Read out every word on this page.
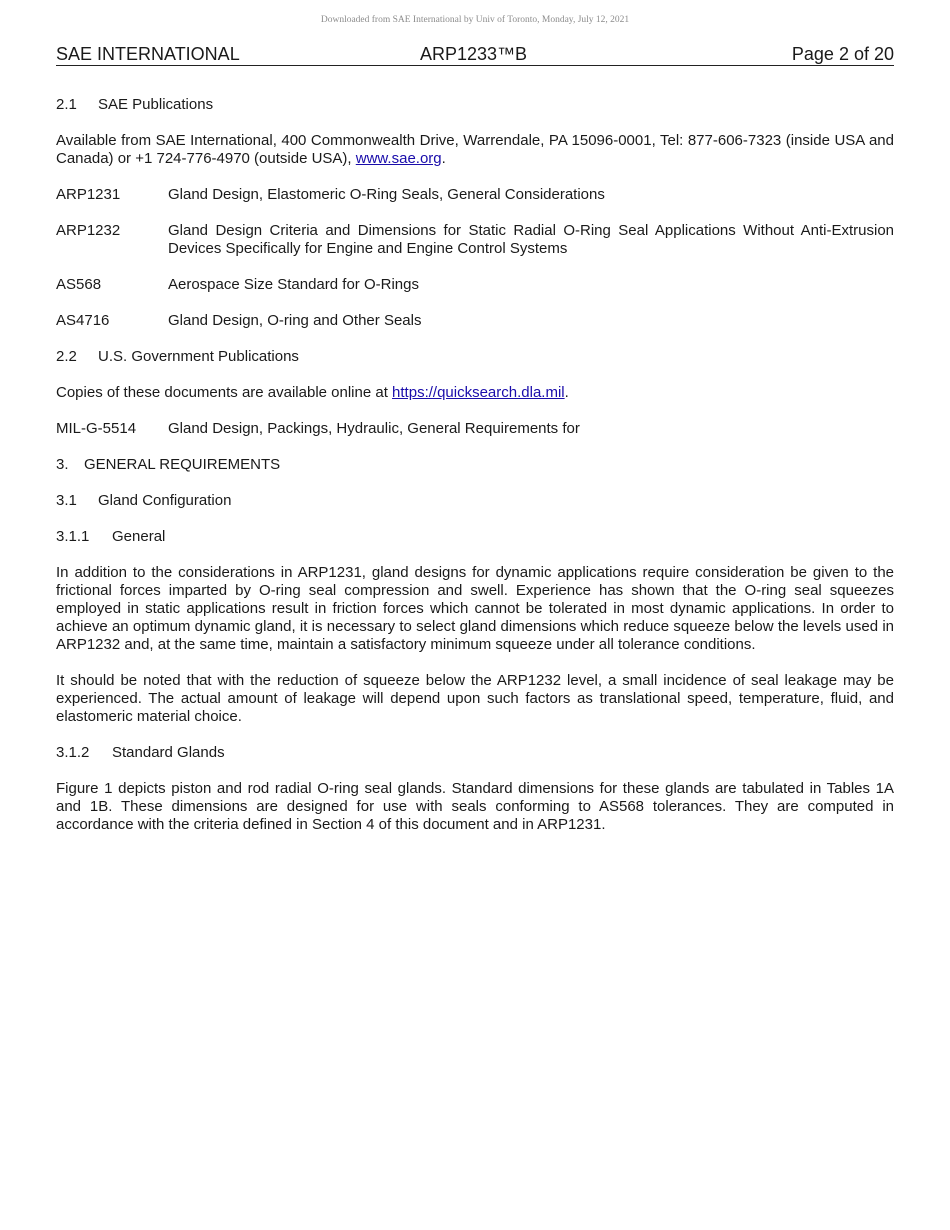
Downloaded from SAE International by Univ of Toronto, Monday, July 12, 2021
SAE INTERNATIONAL	ARP1233™B	Page 2 of 20
2.1	SAE Publications

Available from SAE International, 400 Commonwealth Drive, Warrendale, PA 15096-0001, Tel: 877-606-7323 (inside USA and Canada) or +1 724-776-4970 (outside USA), www.sae.org.

ARP1231	Gland Design, Elastomeric O-Ring Seals, General Considerations
ARP1232	Gland Design Criteria and Dimensions for Static Radial O-Ring Seal Applications Without Anti-Extrusion Devices Specifically for Engine and Engine Control Systems
AS568	Aerospace Size Standard for O-Rings
AS4716	Gland Design, O-ring and Other Seals
2.2	U.S. Government Publications

Copies of these documents are available online at https://quicksearch.dla.mil.

MIL-G-5514	Gland Design, Packings, Hydraulic, General Requirements for
3.	GENERAL REQUIREMENTS
3.1	Gland Configuration
3.1.1	General

In addition to the considerations in ARP1231, gland designs for dynamic applications require consideration be given to the frictional forces imparted by O-ring seal compression and swell. Experience has shown that the O-ring seal squeezes employed in static applications result in friction forces which cannot be tolerated in most dynamic applications. In order to achieve an optimum dynamic gland, it is necessary to select gland dimensions which reduce squeeze below the levels used in ARP1232 and, at the same time, maintain a satisfactory minimum squeeze under all tolerance conditions.

It should be noted that with the reduction of squeeze below the ARP1232 level, a small incidence of seal leakage may be experienced. The actual amount of leakage will depend upon such factors as translational speed, temperature, fluid, and elastomeric material choice.

3.1.2	Standard Glands

Figure 1 depicts piston and rod radial O-ring seal glands. Standard dimensions for these glands are tabulated in Tables 1A and 1B. These dimensions are designed for use with seals conforming to AS568 tolerances. They are computed in accordance with the criteria defined in Section 4 of this document and in ARP1231.
